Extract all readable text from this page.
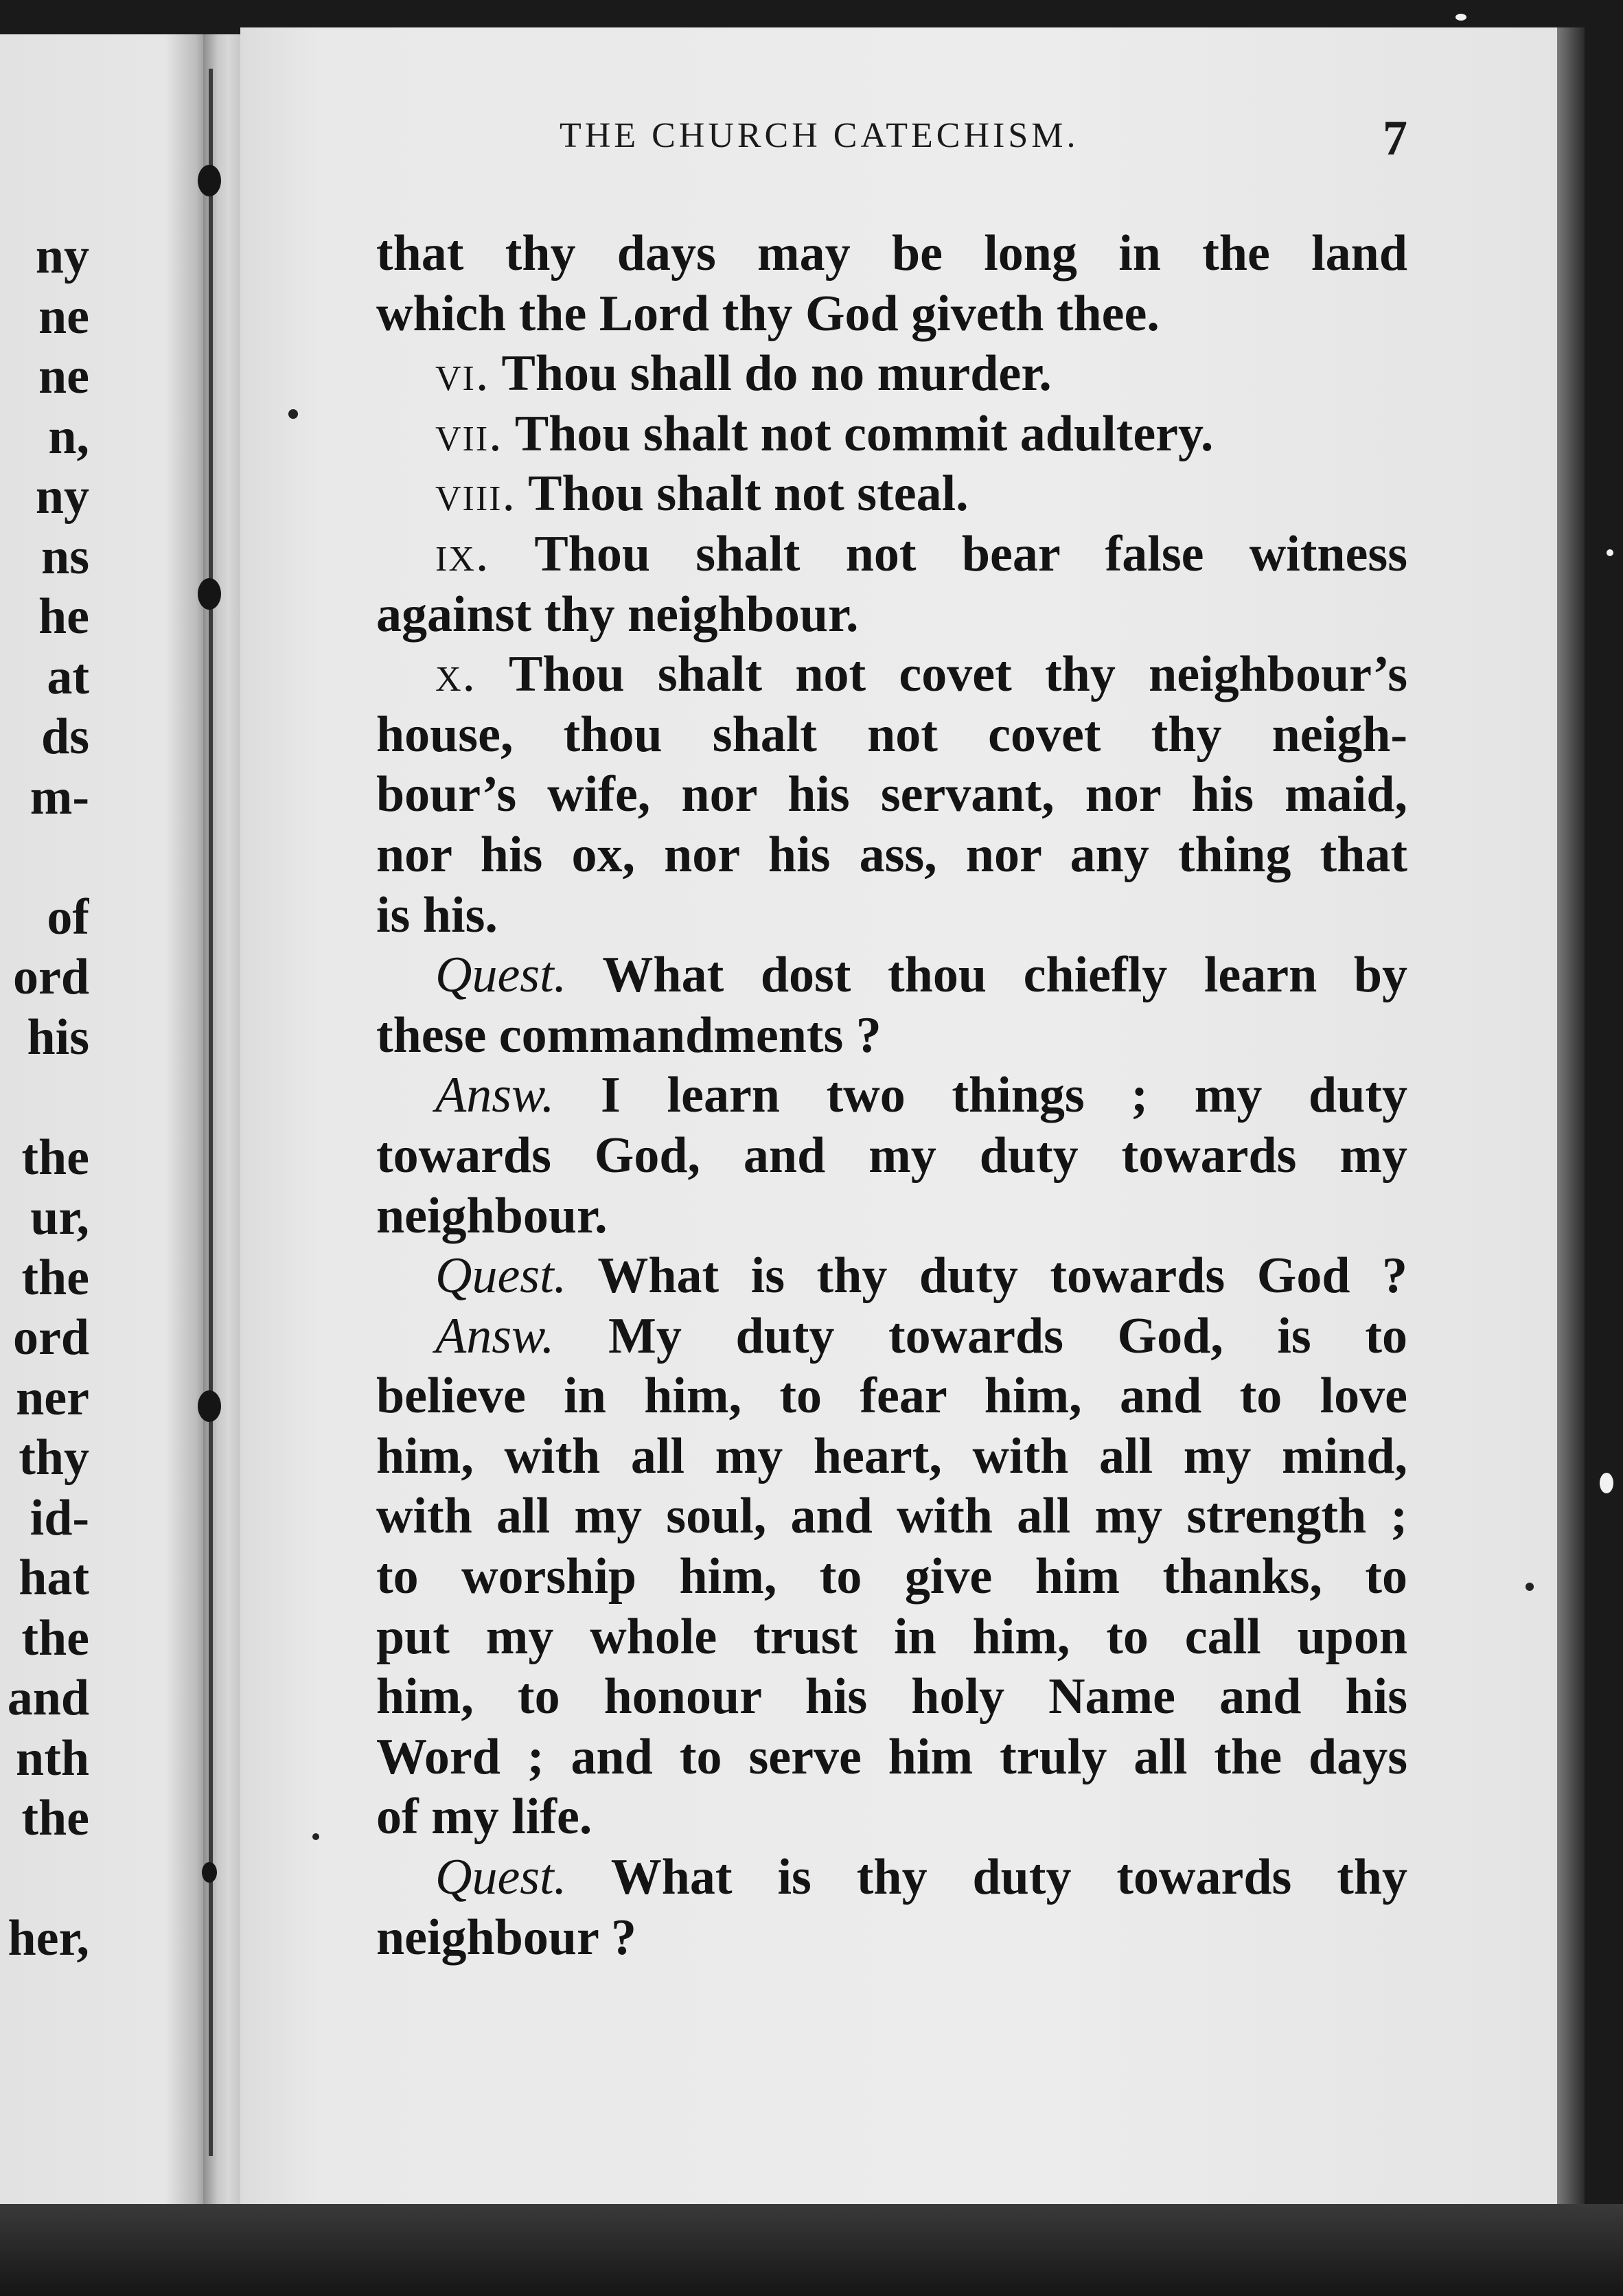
ny
ne
ne
n,
ny
ns
he
at
ds
m-

of
ord
his

the
ur,
the
ord
ner
thy
id-
hat
the
and
nth
the

her,
THE CHURCH CATECHISM.	7
that thy days may be long in the land
which the Lord thy God giveth thee.
vi. Thou shall do no murder.
vii. Thou shalt not commit adultery.
viii. Thou shalt not steal.
ix. Thou shalt not bear false witness
against thy neighbour.
x. Thou shalt not covet thy neighbour’s
house, thou shalt not covet thy neigh-
bour’s wife, nor his servant, nor his maid,
nor his ox, nor his ass, nor any thing that
is his.
Quest. What dost thou chiefly learn by
these commandments ?
Answ. I learn two things ; my duty
towards God, and my duty towards my
neighbour.
Quest. What is thy duty towards God ?
Answ. My duty towards God, is to
believe in him, to fear him, and to love
him, with all my heart, with all my mind,
with all my soul, and with all my strength ;
to worship him, to give him thanks, to
put my whole trust in him, to call upon
him, to honour his holy Name and his
Word ; and to serve him truly all the days
of my life.
Quest. What is thy duty towards thy
neighbour ?
